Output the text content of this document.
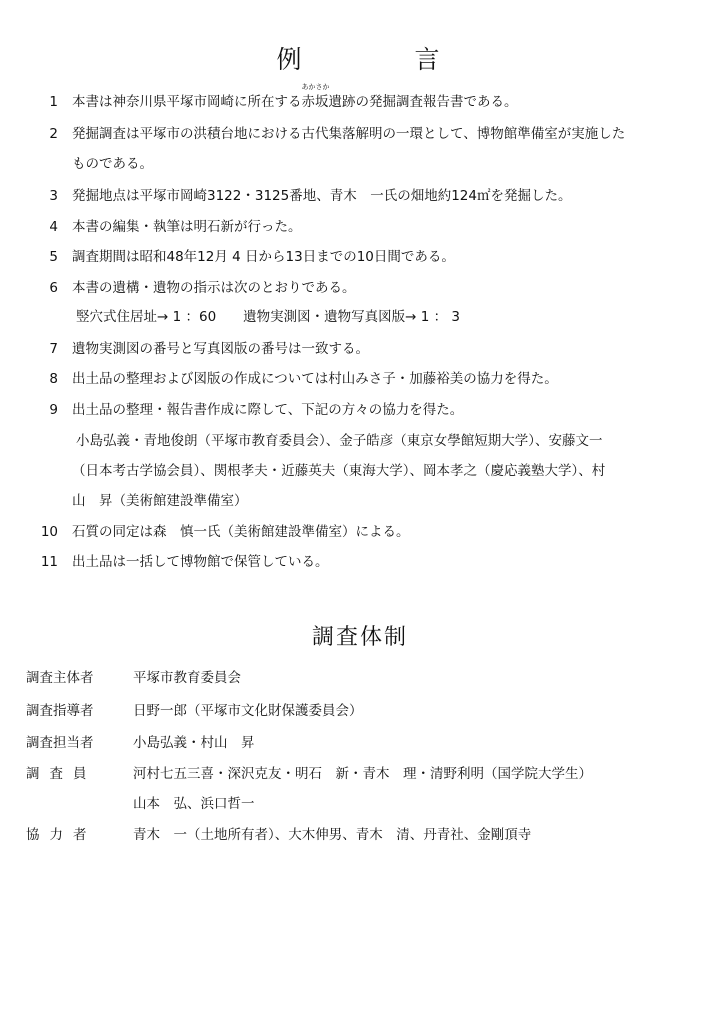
例　言
1 本書は神奈川県平塚市岡崎に所在する
あかさか
赤坂遺跡の発掘調査報告書である。
2 発掘調査は平塚市の洪積台地における古代集落解明の一環として、博物館準備室が実施した
ものである。
3 発掘地点は平塚市岡崎3122・3125番地、青木　一氏の畑地約124㎡を発掘した。
4 本書の編集・執筆は明石新が行った。
5 調査期間は昭和48年12月 4 日から13日までの10日間である。
6 本書の遺構・遺物の指示は次のとおりである。
竪穴式住居址→ 1 ：60　　遺物実測図・遺物写真図版→ 1 ： 3
7 遺物実測図の番号と写真図版の番号は一致する。
8 出土品の整理および図版の作成については村山みさ子・加藤裕美の協力を得た。
9 出土品の整理・報告書作成に際して、下記の方々の協力を得た。
小島弘義・青地俊朗（平塚市教育委員会）、金子皓彦（東京女學館短期大学）、安藤文一
（日本考古学協会員）、関根孝夫・近藤英夫（東海大学）、岡本孝之（慶応義塾大学）、村
山　昇（美術館建設準備室）
10 石質の同定は森　慎一氏（美術館建設準備室）による。
11 出土品は一括して博物館で保管している。
調査体制
調査主体者	平塚市教育委員会
調査指導者	日野一郎（平塚市文化財保護委員会）
調査担当者	小島弘義・村山　昇
調査員	河村七五三喜・深沢克友・明石　新・青木　理・清野利明（国学院大学生）
山本　弘、浜口哲一
協力者	青木　一（土地所有者）、大木伸男、青木　清、丹青社、金剛頂寺
